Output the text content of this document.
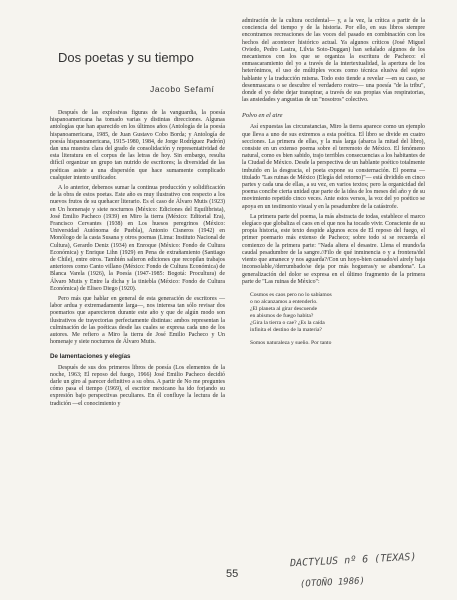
Dos poetas y su tiempo
Jacobo Sefamí

Después de las explosivas figuras de la vanguardia, la poesía hispanoamericana ha tomado varias y distintas direcciones. Algunas antologías que han aparecido en los últimos años (Antología de la poesía hispanoamericana, 1985, de Juan Gustavo Cobo Borda; y Antología de poesía hispanoamericana, 1915-1980, 1984, de Jorge Rodríguez Padrón) dan una muestra clara del grado de consolidación y representatividad de esta literatura en el corpus de las letras de hoy. Sin embargo, resulta difícil organizar un grupo tan nutrido de escritores; la diversidad de las poéticas asiste a una dispersión que hace sumamente complicado cualquier intento unificador.

A lo anterior, debemos sumar la continua producción y solidificación de la obra de estos poetas. Este año es muy ilustrativo con respecto a los nuevos frutos de su quehacer literario. Es el caso de Álvaro Mutis (1923) en Un homenaje y siete nocturnos (México: Ediciones del Equilibrista), José Emilio Pacheco (1939) en Miro la tierra (México: Editorial Era), Francisco Cervantes (1938) en Los huesos peregrinos (México: Universidad Autónoma de Puebla), Antonio Cisneros (1942) en Monólogo de la casta Susana y otros poemas (Lima: Instituto Nacional de Cultura), Gerardo Deniz (1934) en Enroque (México: Fondo de Cultura Económica) y Enrique Lihn (1929) en Pena de extrañamiento (Santiago de Chile), entre otros. También salieron ediciones que recopilan trabajos anteriores como Canto villano (México: Fondo de Cultura Económica) de Blanca Varela (1926), la Poesía (1947-1985: Bogotá: Procultura) de Álvaro Mutis y Entre la dicha y la tiniebla (México: Fondo de Cultura Económica) de Eliseo Diego (1920).

Pero más que hablar en general de esta generación de escritores —labor ardua y extremadamente larga—, nos interesa tan sólo revisar dos poemarios que aparecieron durante este año y que de algún modo son ilustrativos de trayectorias perfectamente distintas: ambos representan la culminación de las poéticas desde las cuales se expresa cada uno de los autores. Me refiero a Miro la tierra de José Emilio Pacheco y Un homenaje y siete nocturnos de Álvaro Mutis.

De lamentaciones y elegías

Después de sus dos primeros libros de poesía (Los elementos de la noche, 1963; El reposo del fuego, 1966) José Emilio Pacheco decidió darle un giro al parecer definitivo a su obra. A partir de No me preguntes cómo pasa el tiempo (1969), el escritor mexicano ha ido forjando su expresión bajo perspectivas peculiares. En él confluye la lectura de la tradición —el conocimiento y

admiración de la cultura occidental— y, a la vez, la crítica a partir de la conciencia del tiempo y de la historia. Por ello, en sus libros siempre encontramos recreaciones de las voces del pasado en combinación con los hechos del acontecer histórico actual. Ya algunos críticos (José Miguel Oviedo, Pedro Lastra, Lilvia Soto-Duggan) han señalado algunos de los mecanismos con los que se organiza la escritura de Pacheco: el enmascaramiento del yo a través de la intertextualidad, la apertura de los heterónimos, el uso de múltiples voces como técnica elusiva del sujeto hablante y la traducción misma. Todo esto tiende a revelar —en su caso, se desenmascara o se descubre el verdadero rostro— una poesía "de la tribu", donde el yo debe dejar transpirar, a través de sus propias vías respiratorias, las ansiedades y angustias de un "nosotros" colectivo.

Polvo en el aire

Así expuestas las circunstancias, Miro la tierra aparece como un ejemplo que lleva a uno de sus extremos a esta poética. El libro se divide en cuatro secciones. La primera de ellas, y la más larga (abarca la mitad del libro), consiste en un extenso poema sobre el terremoto de México. El fenómeno natural, como es bien sabido, trajo terribles consecuencias a los habitantes de la Ciudad de México. Desde la perspectiva de un hablante poético totalmente imbuido en la desgracia, el poeta expone su consternación. El poema —titulado "Las ruinas de México (Elegía del retorno)"— está dividido en cinco partes y cada una de ellas, a su vez, en varios textos; pero la organicidad del poema concibe cierta unidad que parte de la idea de los meses del año y de su movimiento repetido cinco veces. Ante estos versos, la voz del yo poético se apoya en un testimonio visual y en la pesadumbre de la catástrofe.

La primera parte del poema, la más abstracta de todas, establece el marco elegíaco que globaliza el caos en el que nos ha tocado vivir. Consciente de su propia historia, este texto despide algunos ecos de El reposo del fuego, el primer poemario más extenso de Pacheco; sobre todo si se recuerda el comienzo de la primera parte: "Nada altera el desastre. Llena el mundo/la caudal pesadumbre de la sangre.//Filo de qué inminencia o y a frontera/del viento que amanece y nos aguarda?/Con un hoyo-bien cansado/el airely baja inconsolable,//derrumbado/se deja por más hogueras/y se abandona". La generalización del dolor se expresa en el último fragmento de la primera parte de "Las ruinas de México":

Cosmos es caos pero no lo sabíamos
o no alcanzamos a entenderlo.
¿El planeta al girar descuende
en abismos de fuego habita?
¿Gira la tierra o cae? ¿Es la caída
infinita el destino de la materia?
Somos naturaleza y sueño. Por tanto
55
DACTYLUS nº 6 (TEXAS)
(OTOÑO 1986)
